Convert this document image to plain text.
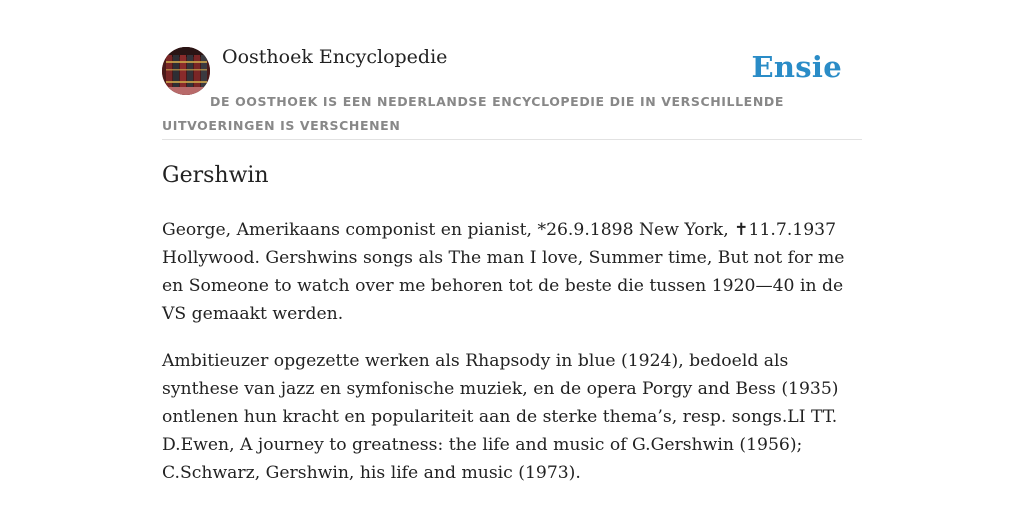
Oosthoek Encyclopedie	Ensie
DE OOSTHOEK IS EEN NEDERLANDSE ENCYCLOPEDIE DIE IN VERSCHILLENDE UITVOERINGEN IS VERSCHENEN
Gershwin

George, Amerikaans componist en pianist, *26.9.1898 New York, ✝11.7.1937 Hollywood. Gershwins songs als The man I love, Summer time, But not for me en Someone to watch over me behoren tot de beste die tussen 1920—40 in de VS gemaakt werden.

Ambitieuzer opgezette werken als Rhapsody in blue (1924), bedoeld als synthese van jazz en symfonische muziek, en de opera Porgy and Bess (1935) ontlenen hun kracht en populariteit aan de sterke thema’s, resp. songs.LI TT. D.Ewen, A journey to greatness: the life and music of G.Gershwin (1956); C.Schwarz, Gershwin, his life and music (1973).
